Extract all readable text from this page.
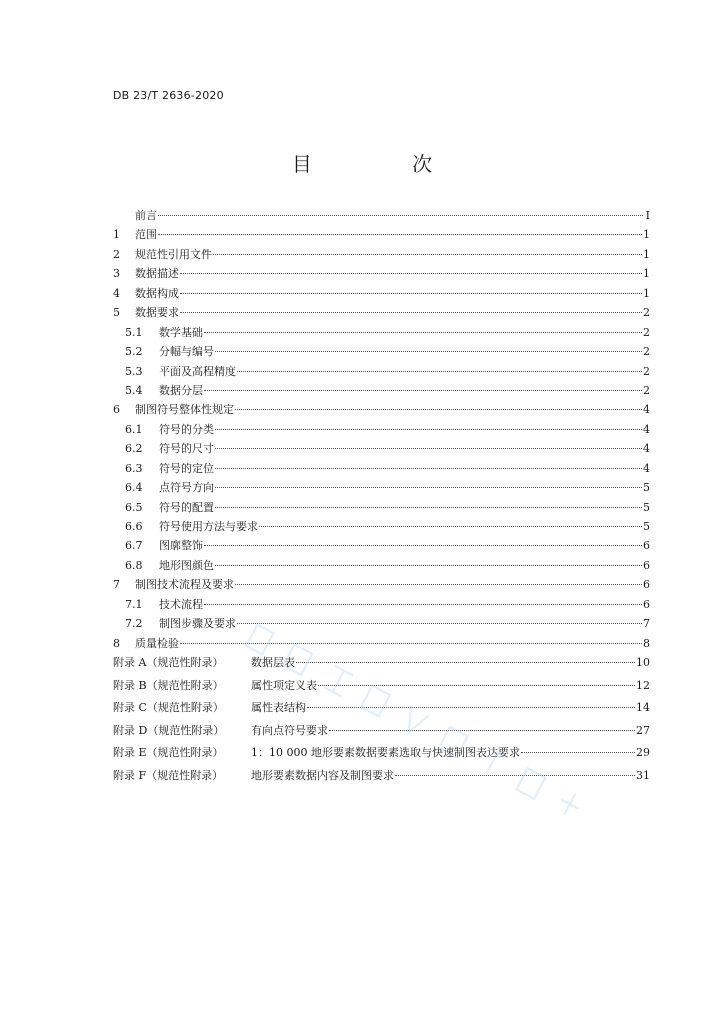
DB 23/T 2636-2020
目 次
前言	I
1 范围	1
2 规范性引用文件	1
3 数据描述	1
4 数据构成	1
5 数据要求	2
5.1 数学基础	2
5.2 分幅与编号	2
5.3 平面及高程精度	2
5.4 数据分层	2
6 制图符号整体性规定	4
6.1 符号的分类	4
6.2 符号的尺寸	4
6.3 符号的定位	4
6.4 点符号方向	5
6.5 符号的配置	5
6.6 符号使用方法与要求	5
6.7 图廓整饰	6
6.8 地形图颜色	6
7 制图技术流程及要求	6
7.1 技术流程	6
7.2 制图步骤及要求	7
8 质量检验	8
附录 A（规范性附录）	数据层表	10
附录 B（规范性附录） 属性项定义表	12
附录 C（规范性附录） 属性表结构	14
附录 D（规范性附录） 有向点符号要求	27
附录 E（规范性附录） 1：10 000 地形要素数据要素选取与快速制图表达要求	29
附录 F（规范性附录）	地形要素数据内容及制图要求	31
